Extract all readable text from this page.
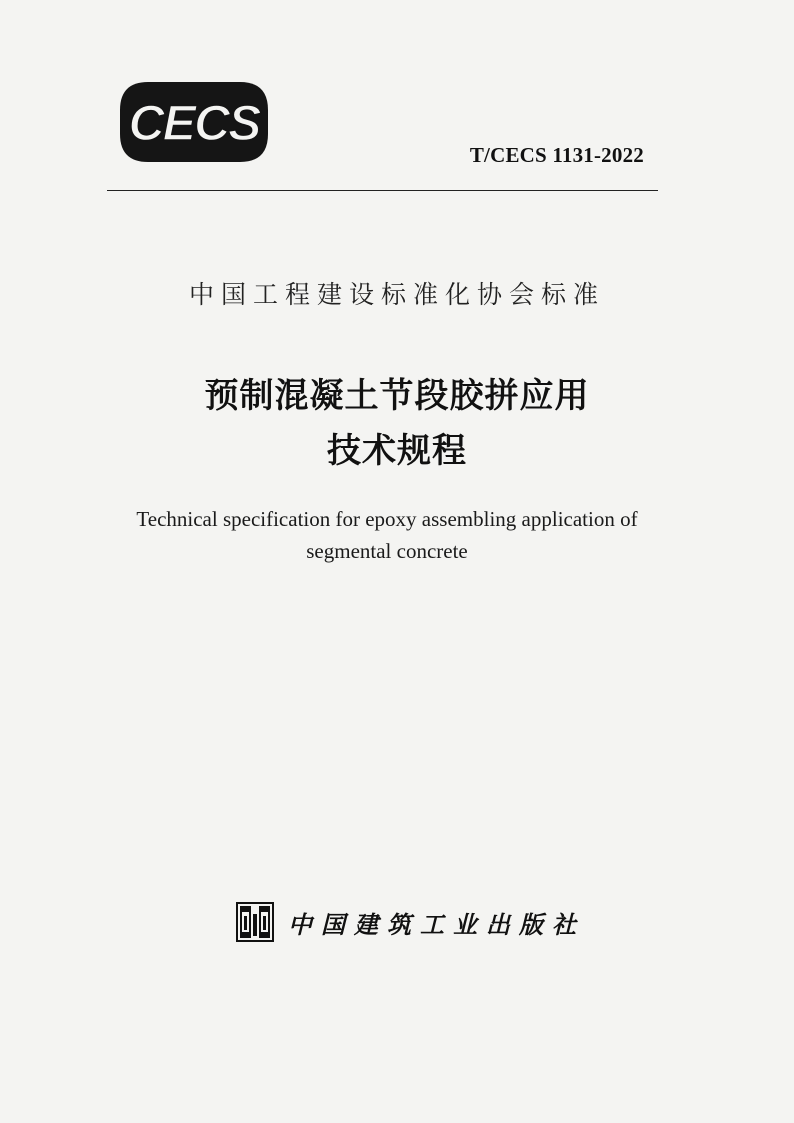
CECS
T/CECS 1131-2022
中国工程建设标准化协会标准
预制混凝土节段胶拼应用
技术规程
Technical specification for epoxy assembling application of
segmental concrete
中国建筑工业出版社
